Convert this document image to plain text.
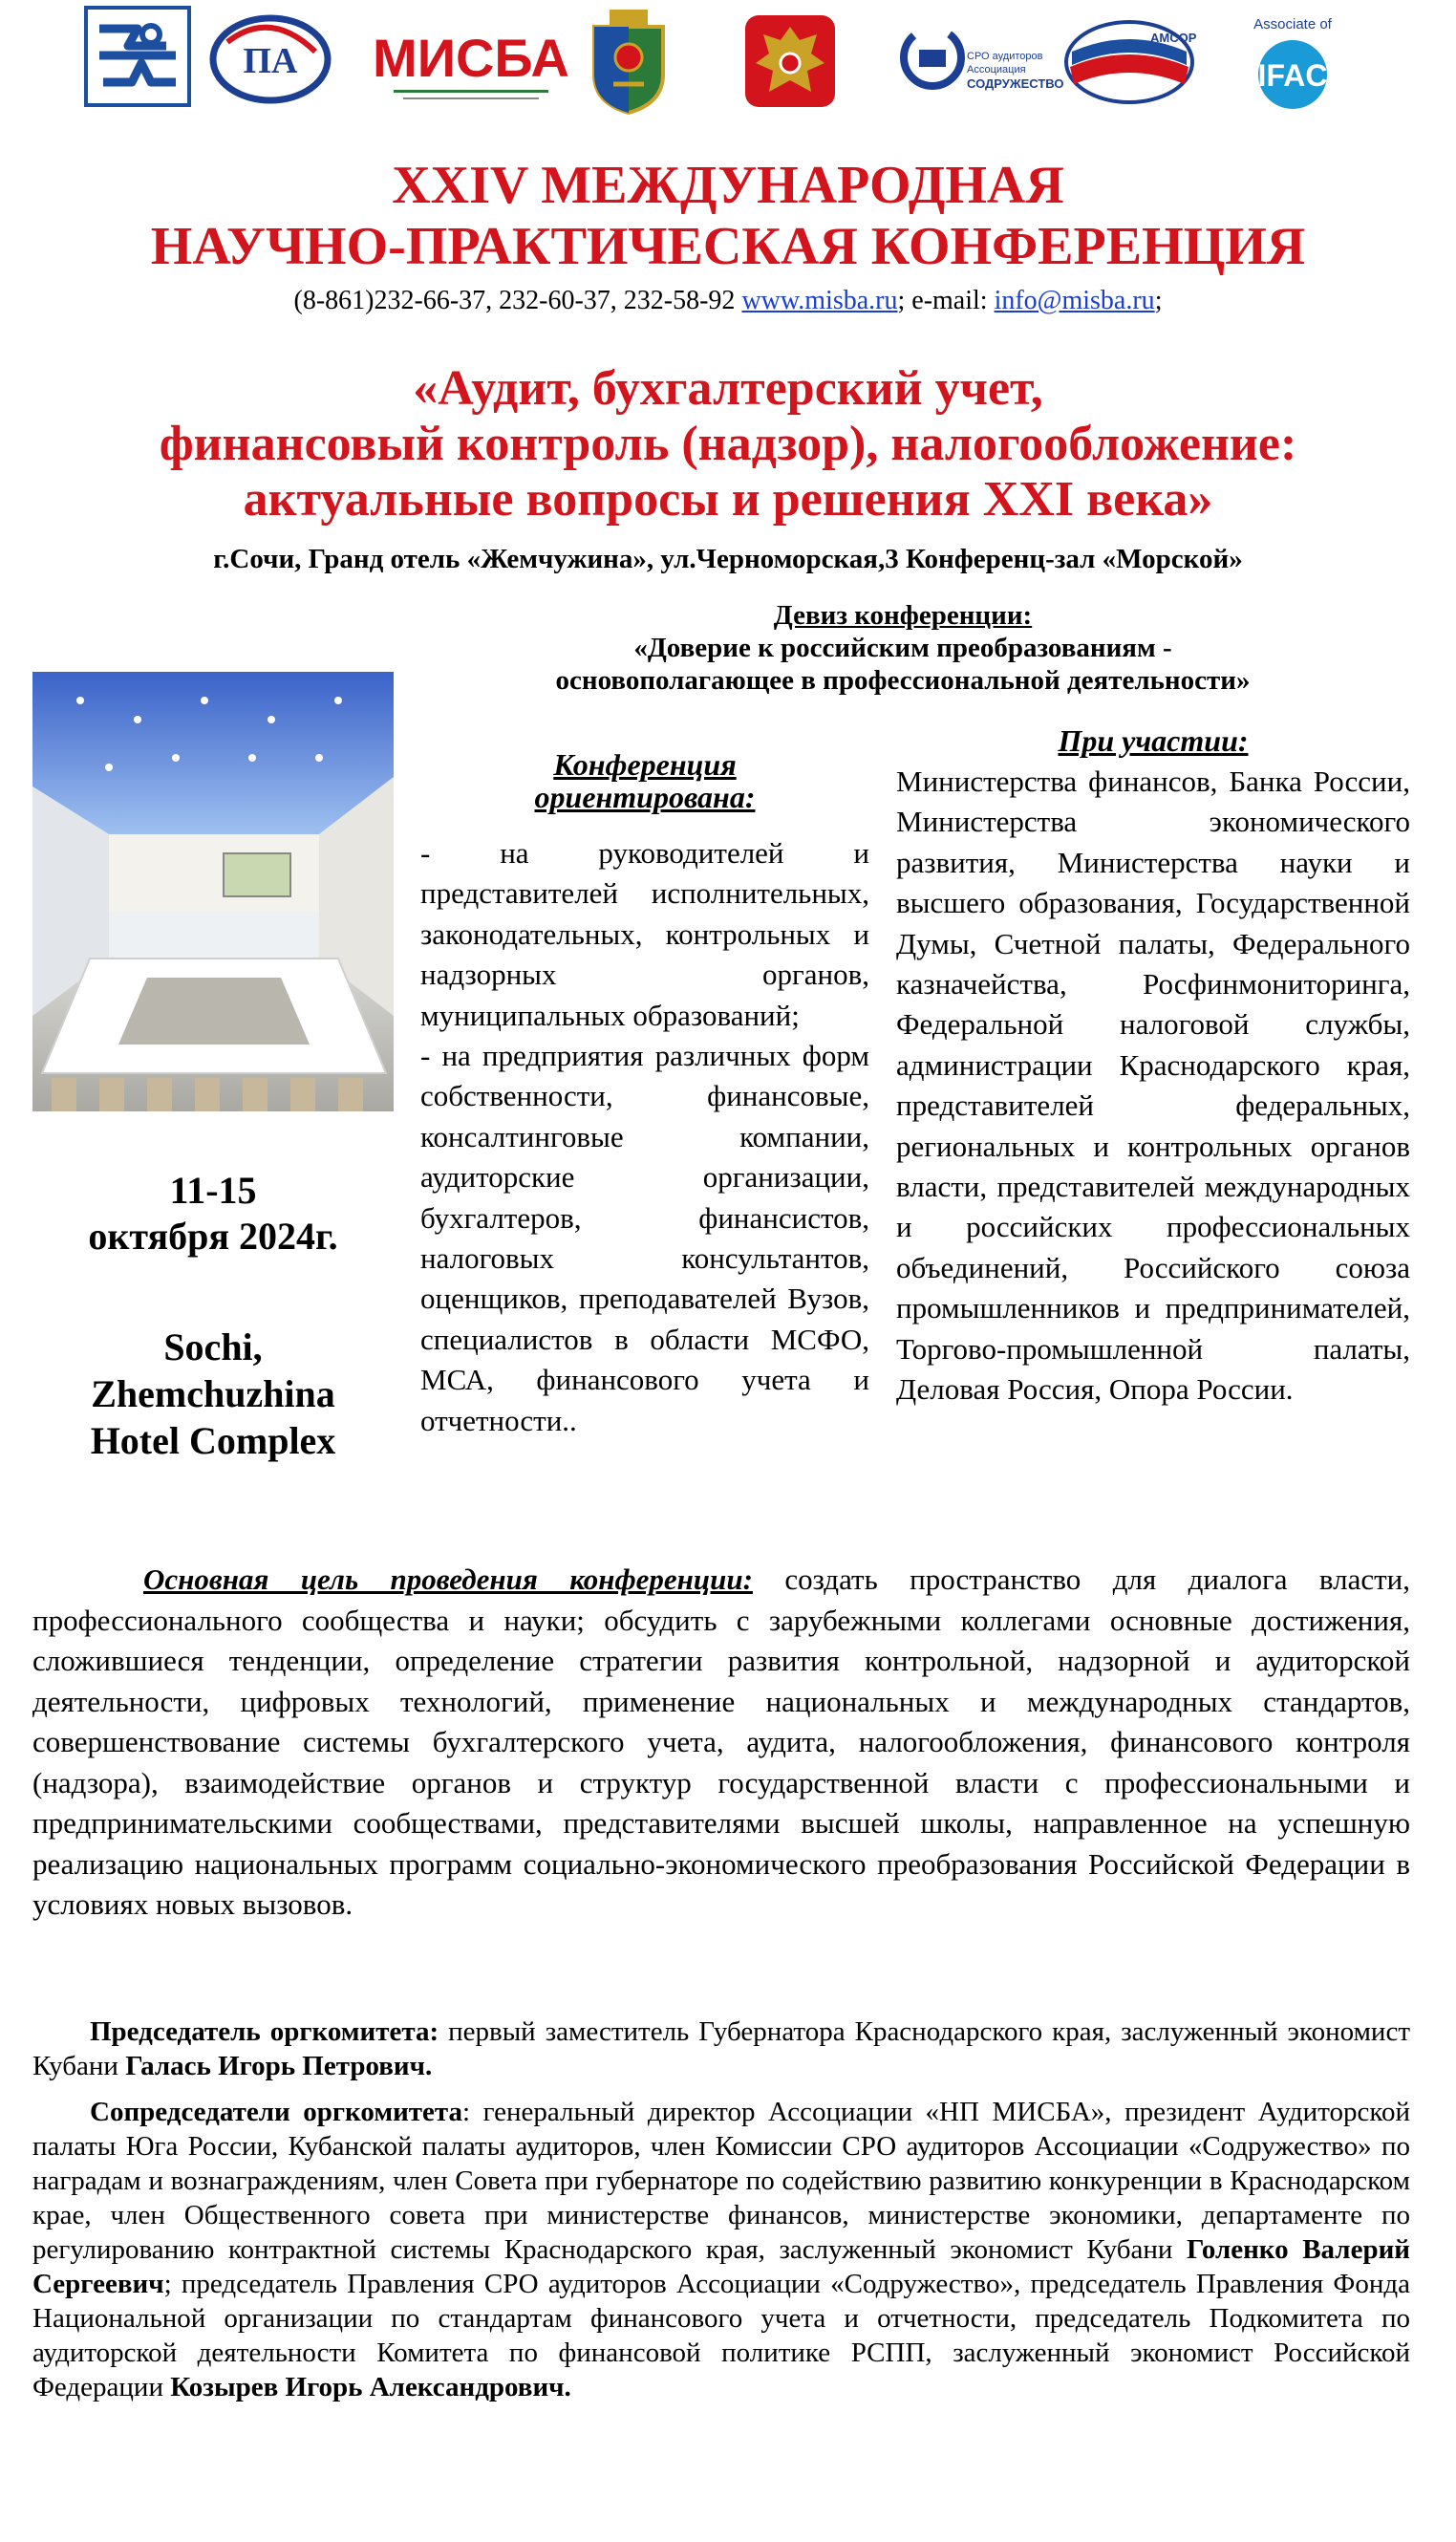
ПА МИСБА	СРО аудиторов
Ассоциация
СОДРУЖЕСТВО
AMCOP
Associate of
IFAC
XXIV МЕЖДУНАРОДНАЯ
НАУЧНО-ПРАКТИЧЕСКАЯ КОНФЕРЕНЦИЯ
(8-861)232-66-37, 232-60-37, 232-58-92 www.misba.ru; e-mail: info@misba.ru;
«Аудит, бухгалтерский учет,
финансовый контроль (надзор), налогообложение:
актуальные вопросы и решения XXI века»
г.Сочи, Гранд отель «Жемчужина», ул.Черноморская,3 Конференц-зал «Морской»
Девиз конференции:
«Доверие к российским преобразованиям -
основополагающее в профессиональной деятельности»
11-15
октября 2024г.
Sochi,
Zhemchuzhina
Hotel Complex
Конференция
ориентирована:
- на руководителей и представителей исполнительных, законодательных, контрольных и надзорных органов, муниципальных образований;
- на предприятия различных форм собственности, финансовые, консалтинговые компании, аудиторские организации, бухгалтеров, финансистов, налоговых консультантов, оценщиков, преподавателей Вузов, специалистов в области МСФО, МСА, финансового учета и отчетности..
При участии:
Министерства финансов, Банка России, Министерства экономического развития, Министерства науки и высшего образования, Государственной Думы, Счетной палаты, Федерального казначейства, Росфинмониторинга, Федеральной налоговой службы, администрации Краснодарского края, представителей федеральных, региональных и контрольных органов власти, представителей международных и российских профессиональных объединений, Российского союза промышленников и предпринимателей, Торгово-промышленной палаты, Деловая Россия, Опора России.
Основная цель проведения конференции: создать пространство для диалога власти, профессионального сообщества и науки; обсудить с зарубежными коллегами основные достижения, сложившиеся тенденции, определение стратегии развития контрольной, надзорной и аудиторской деятельности, цифровых технологий, применение национальных и международных стандартов, совершенствование системы бухгалтерского учета, аудита, налогообложения, финансового контроля (надзора), взаимодействие органов и структур государственной власти с профессиональными и предпринимательскими сообществами, представителями высшей школы, направленное на успешную реализацию национальных программ социально-экономического преобразования Российской Федерации в условиях новых вызовов.

Председатель оргкомитета: первый заместитель Губернатора Краснодарского края, заслуженный экономист Кубани Галась Игорь Петрович.

Сопредседатели оргкомитета: генеральный директор Ассоциации «НП МИСБА», президент Аудиторской палаты Юга России, Кубанской палаты аудиторов, член Комиссии СРО аудиторов Ассоциации «Содружество» по наградам и вознаграждениям, член Совета при губернаторе по содействию развитию конкуренции в Краснодарском крае, член Общественного совета при министерстве финансов, министерстве экономики, департаменте по регулированию контрактной системы Краснодарского края, заслуженный экономист Кубани Голенко Валерий Сергеевич; председатель Правления СРО аудиторов Ассоциации «Содружество», председатель Правления Фонда Национальной организации по стандартам финансового учета и отчетности, председатель Подкомитета по аудиторской деятельности Комитета по финансовой политике РСПП, заслуженный экономист Российской Федерации Козырев Игорь Александрович.
